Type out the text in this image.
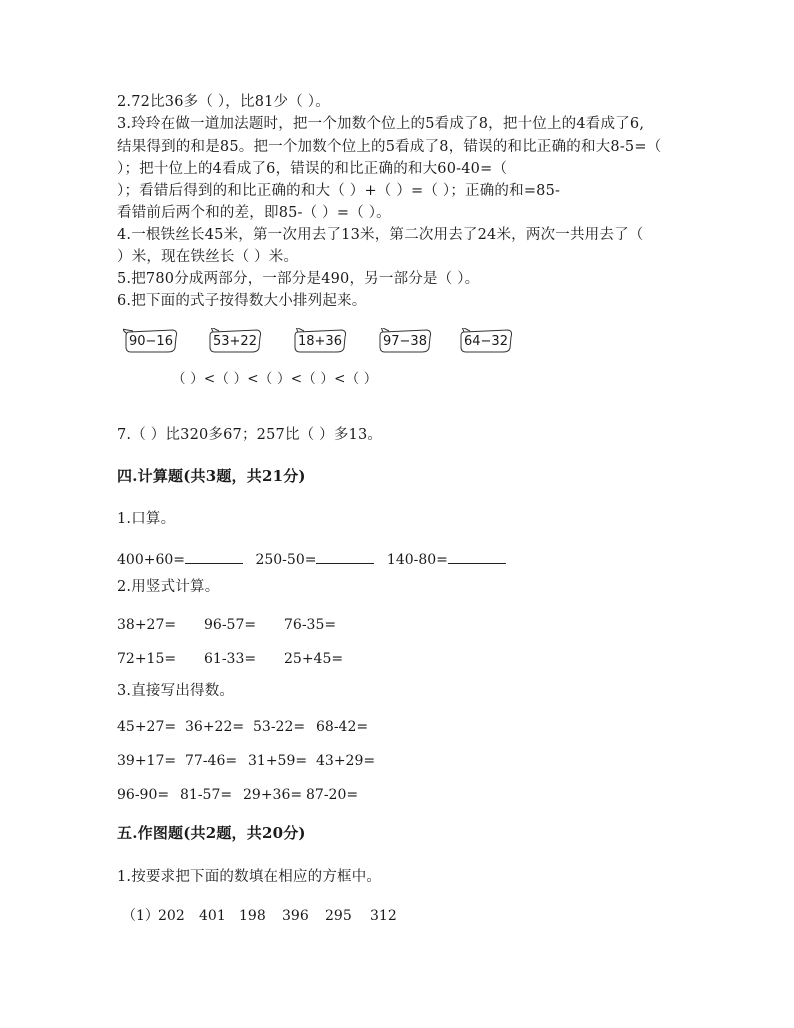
2.72比36多（ ），比81少（ ）。
3.玲玲在做一道加法题时，把一个加数个位上的5看成了8，把十位上的4看成了6,
结果得到的和是85。把一个加数个位上的5看成了8，错误的和比正确的和大8-5=（
）；把十位上的4看成了6，错误的和比正确的和大60-40=（
）；看错后得到的和比正确的和大（ ）+（ ）=（ ）；正确的和=85-
看错前后两个和的差，即85-（ ）=（ ）。
4.一根铁丝长45米，第一次用去了13米，第二次用去了24米，两次一共用去了（
）米，现在铁丝长（ ）米。
5.把780分成两部分，一部分是490，另一部分是（ ）。
6.把下面的式子按得数大小排列起来。
90−16	53+22	18+36	97−38	64−32
（ ）<（ ）<（ ）<（ ）<（ ）
7.（ ）比320多67；257比（ ）多13。
四.计算题(共3题，共21分)
1.口算。
400+60=	250-50=	140-80=
2.用竖式计算。
38+27= 96-57= 76-35=
72+15= 61-33= 25+45=
3.直接写出得数。
45+27= 36+22= 53-22= 68-42=
39+17= 77-46= 31+59= 43+29=
96-90= 81-57= 29+36= 87-20=
五.作图题(共2题，共20分)
1.按要求把下面的数填在相应的方框中。
（1）202 401 198 396 295 312
